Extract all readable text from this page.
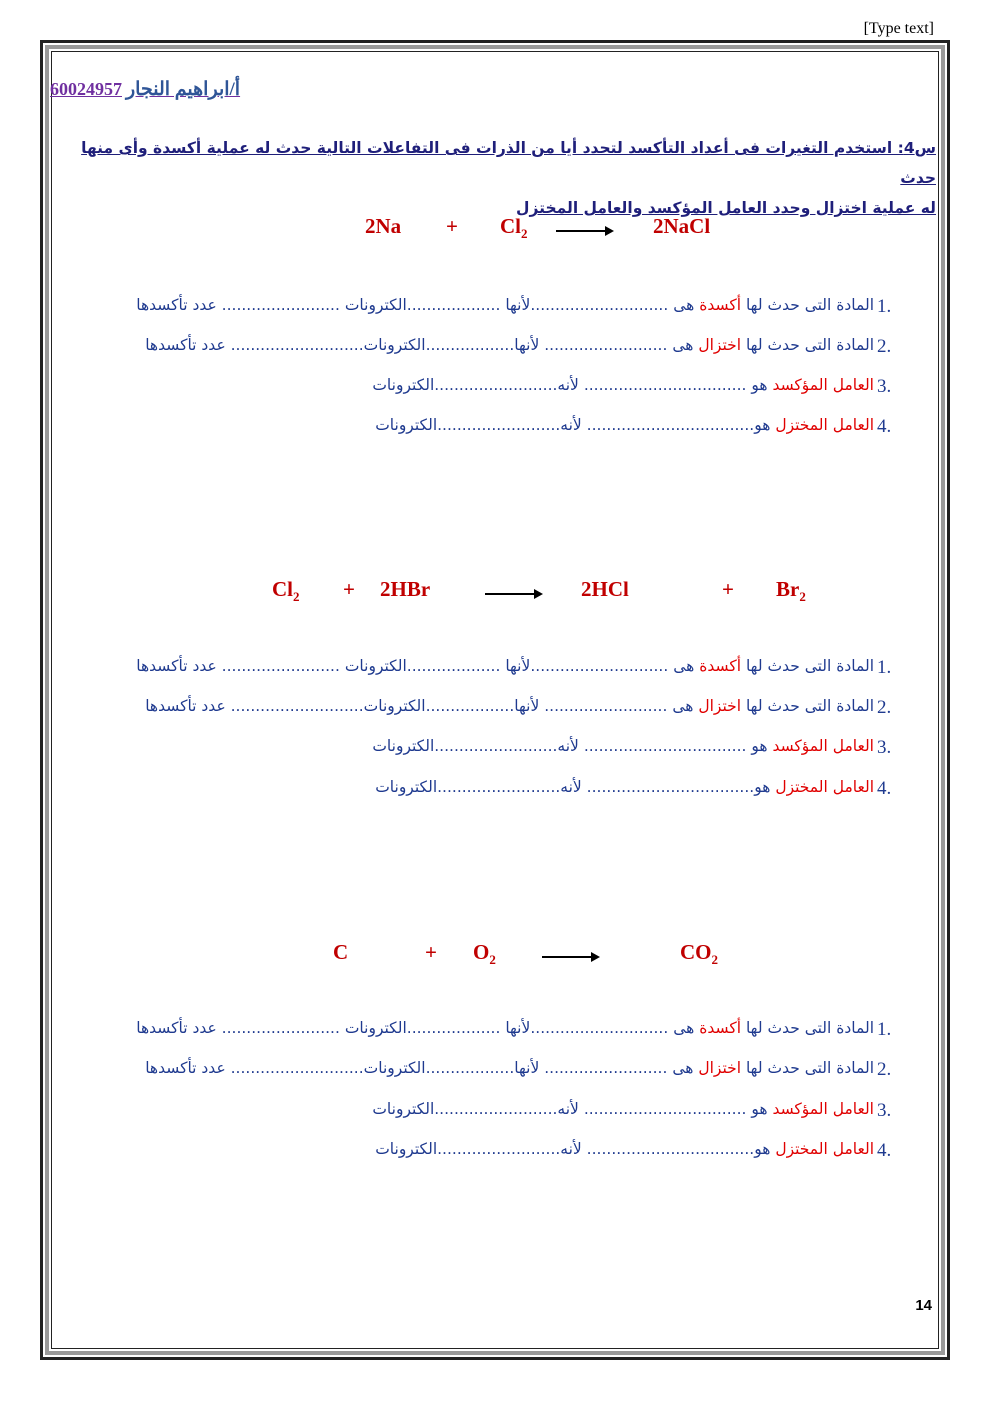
[Type text]
60024957 أ/ابراهيم النجار
س4: استخدم التغيرات فى أعداد التأكسد لتحدد أيا من الذرات فى التفاعلات التالية حدث له عملية أكسدة وأى منها حدث
له عملية اختزال وحدد العامل المؤكسد والعامل المختزل
$2Na + Cl_2$	2NaCl
المادة التى حدث لها أكسدة هى ............................لأنها ...................الكترونات ........................ عدد تأكسدها
المادة التى حدث لها اختزال هى ......................... لأنها..................الكترونات........................... عدد تأكسدها
العامل المؤكسد هو ................................. لأنه.........................الكترونات
العامل المختزل هو.................................. لأنه.........................الكترونات
1.
2.
3.
4.
$Cl_2 + 2HBr$	2HCl	+ $Br_2$
المادة التى حدث لها أكسدة هى ............................لأنها ...................الكترونات ........................ عدد تأكسدها
المادة التى حدث لها اختزال هى ......................... لأنها..................الكترونات........................... عدد تأكسدها
العامل المؤكسد هو ................................. لأنه.........................الكترونات
العامل المختزل هو.................................. لأنه.........................الكترونات
1.
2.
3.
4.
C	+ $O_2$	$CO_2$
المادة التى حدث لها أكسدة هى ............................لأنها ...................الكترونات ........................ عدد تأكسدها
المادة التى حدث لها اختزال هى ......................... لأنها..................الكترونات........................... عدد تأكسدها
العامل المؤكسد هو ................................. لأنه.........................الكترونات
العامل المختزل هو.................................. لأنه.........................الكترونات
1.
2.
3.
4.
14
